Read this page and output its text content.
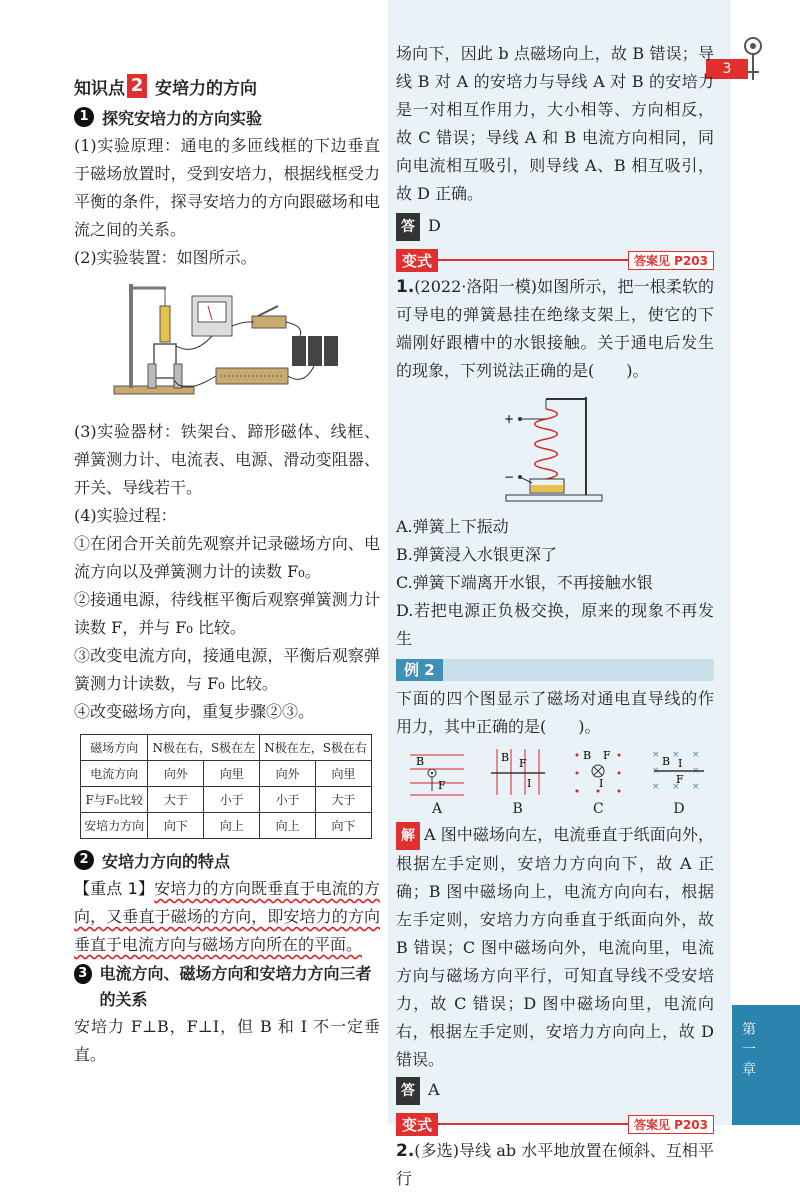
3
第一章
知识点 2 安培力的方向
1 探究安培力的方向实验

(1)实验原理：通电的多匝线框的下边垂直于磁场放置时，受到安培力，根据线框受力平衡的条件，探寻安培力的方向跟磁场和电流之间的关系。

(2)实验装置：如图所示。

(3)实验器材：铁架台、蹄形磁体、线框、弹簧测力计、电流表、电源、滑动变阻器、开关、导线若干。

(4)实验过程：

①在闭合开关前先观察并记录磁场方向、电流方向以及弹簧测力计的读数 F₀。

②接通电源，待线框平衡后观察弹簧测力计读数 F，并与 F₀ 比较。

③改变电流方向，接通电源，平衡后观察弹簧测力计读数，与 F₀ 比较。

④改变磁场方向，重复步骤②③。

磁场方向	N极在右，S极在左		N极在左，S极在右	
电流方向	向外	向里	向外	向里
F与F₀比较	大于	小于	小于	大于
安培力方向	向下	向上	向上	向下
2 安培力方向的特点

【重点 1】安培力的方向既垂直于电流的方向，又垂直于磁场的方向，即安培力的方向垂直于电流方向与磁场方向所在的平面。

3 电流方向、磁场方向和安培力方向三者的关系

安培力 F⊥B，F⊥I，但 B 和 I 不一定垂直。

场向下，因此 b 点磁场向上，故 B 错误；导线 B 对 A 的安培力与导线 A 对 B 的安培力是一对相互作用力，大小相等、方向相反，故 C 错误；导线 A 和 B 电流方向相同，同向电流相互吸引，则导线 A、B 相互吸引，故 D 正确。

答 D

变式	答案见 P203

1.(2022·洛阳一模)如图所示，把一根柔软的可导电的弹簧悬挂在绝缘支架上，使它的下端刚好跟槽中的水银接触。关于通电后发生的现象，下列说法正确的是(　　)。

+
−

A.弹簧上下振动

B.弹簧浸入水银更深了

C.弹簧下端离开水银，不再接触水银

D.若把电源正负极交换，原来的现象不再发生

例 2

下面的四个图显示了磁场对通电直导线的作用力，其中正确的是(　　)。

B
F
A
B F
I
B
B F
I
C
× × ×
×	×
× × ×
B I
F
D

解 A 图中磁场向左，电流垂直于纸面向外，根据左手定则，安培力方向向下，故 A 正确；B 图中磁场向上，电流方向向右，根据左手定则，安培力方向垂直于纸面向外，故 B 错误；C 图中磁场向外，电流向里，电流方向与磁场方向平行，可知直导线不受安培力，故 C 错误；D 图中磁场向里，电流向右，根据左手定则，安培力方向向上，故 D 错误。

答 A

变式	答案见 P203

2.(多选)导线 ab 水平地放置在倾斜、互相平行
